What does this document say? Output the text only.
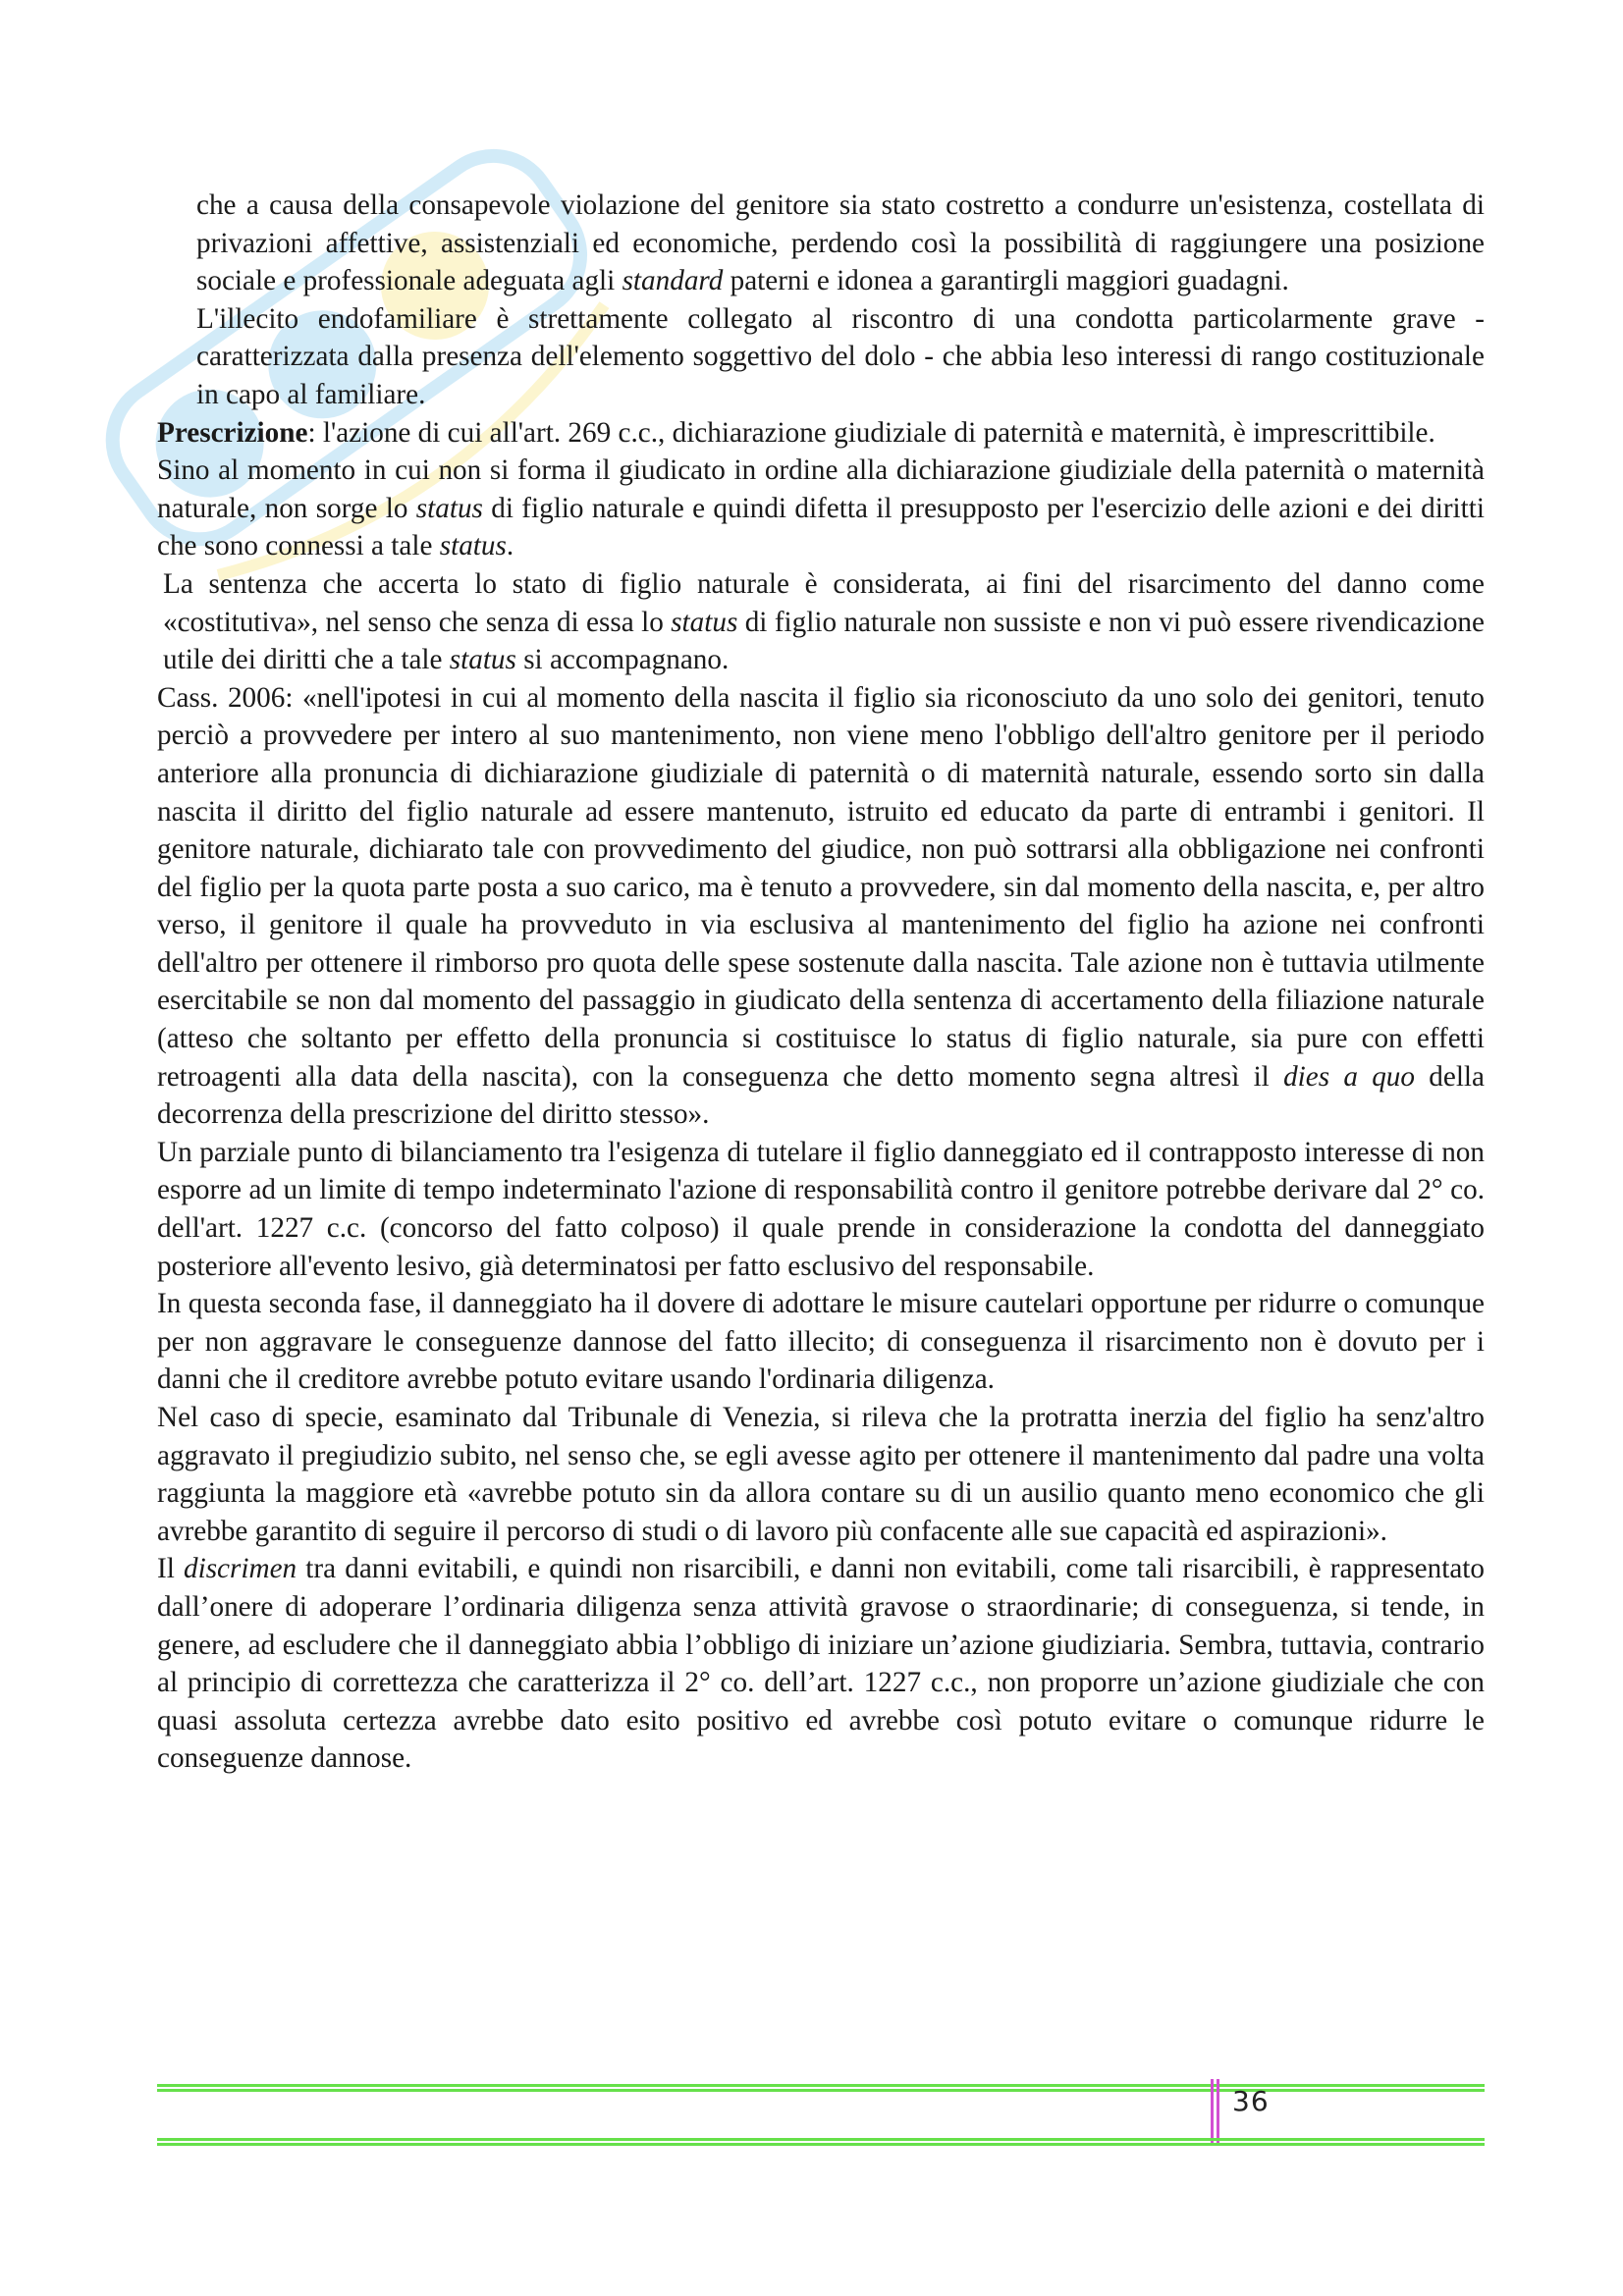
che a causa della consapevole violazione del genitore sia stato costretto a condurre un'esistenza, costellata di privazioni affettive, assistenziali ed economiche, perdendo così la possibilità di raggiungere una posizione sociale e professionale adeguata agli standard paterni e idonea a garantirgli maggiori guadagni.

L'illecito endofamiliare è strettamente collegato al riscontro di una condotta particolarmente grave - caratterizzata dalla presenza dell'elemento soggettivo del dolo - che abbia leso interessi di rango costituzionale in capo al familiare.

Prescrizione: l'azione di cui all'art. 269 c.c., dichiarazione giudiziale di paternità e maternità, è imprescrittibile.

Sino al momento in cui non si forma il giudicato in ordine alla dichiarazione giudiziale della paternità o maternità naturale, non sorge lo status di figlio naturale e quindi difetta il presupposto per l'esercizio delle azioni e dei diritti che sono connessi a tale status.

La sentenza che accerta lo stato di figlio naturale è considerata, ai fini del risarcimento del danno come «costitutiva», nel senso che senza di essa lo status di figlio naturale non sussiste e non vi può essere rivendicazione utile dei diritti che a tale status si accompagnano.

Cass. 2006: «nell'ipotesi in cui al momento della nascita il figlio sia riconosciuto da uno solo dei genitori, tenuto perciò a provvedere per intero al suo mantenimento, non viene meno l'obbligo dell'altro genitore per il periodo anteriore alla pronuncia di dichiarazione giudiziale di paternità o di maternità naturale, essendo sorto sin dalla nascita il diritto del figlio naturale ad essere mantenuto, istruito ed educato da parte di entrambi i genitori. Il genitore naturale, dichiarato tale con provvedimento del giudice, non può sottrarsi alla obbligazione nei confronti del figlio per la quota parte posta a suo carico, ma è tenuto a provvedere, sin dal momento della nascita, e, per altro verso, il genitore il quale ha provveduto in via esclusiva al mantenimento del figlio ha azione nei confronti dell'altro per ottenere il rimborso pro quota delle spese sostenute dalla nascita. Tale azione non è tuttavia utilmente esercitabile se non dal momento del passaggio in giudicato della sentenza di accertamento della filiazione naturale (atteso che soltanto per effetto della pronuncia si costituisce lo status di figlio naturale, sia pure con effetti retroagenti alla data della nascita), con la conseguenza che detto momento segna altresì il dies a quo della decorrenza della prescrizione del diritto stesso».

Un parziale punto di bilanciamento tra l'esigenza di tutelare il figlio danneggiato ed il contrapposto interesse di non esporre ad un limite di tempo indeterminato l'azione di responsabilità contro il genitore potrebbe derivare dal 2° co. dell'art. 1227 c.c. (concorso del fatto colposo) il quale prende in considerazione la condotta del danneggiato posteriore all'evento lesivo, già determinatosi per fatto esclusivo del responsabile.

In questa seconda fase, il danneggiato ha il dovere di adottare le misure cautelari opportune per ridurre o comunque per non aggravare le conseguenze dannose del fatto illecito; di conseguenza il risarcimento non è dovuto per i danni che il creditore avrebbe potuto evitare usando l'ordinaria diligenza.

Nel caso di specie, esaminato dal Tribunale di Venezia, si rileva che la protratta inerzia del figlio ha senz'altro aggravato il pregiudizio subito, nel senso che, se egli avesse agito per ottenere il mantenimento dal padre una volta raggiunta la maggiore età «avrebbe potuto sin da allora contare su di un ausilio quanto meno economico che gli avrebbe garantito di seguire il percorso di studi o di lavoro più confacente alle sue capacità ed aspirazioni».

Il discrimen tra danni evitabili, e quindi non risarcibili, e danni non evitabili, come tali risarcibili, è rappresentato dall’onere di adoperare l’ordinaria diligenza senza attività gravose o straordinarie; di conseguenza, si tende, in genere, ad escludere che il danneggiato abbia l’obbligo di iniziare un’azione giudiziaria. Sembra, tuttavia, contrario al principio di correttezza che caratterizza il 2° co. dell’art. 1227 c.c., non proporre un’azione giudiziale che con quasi assoluta certezza avrebbe dato esito positivo ed avrebbe così potuto evitare o comunque ridurre le conseguenze dannose.

36
